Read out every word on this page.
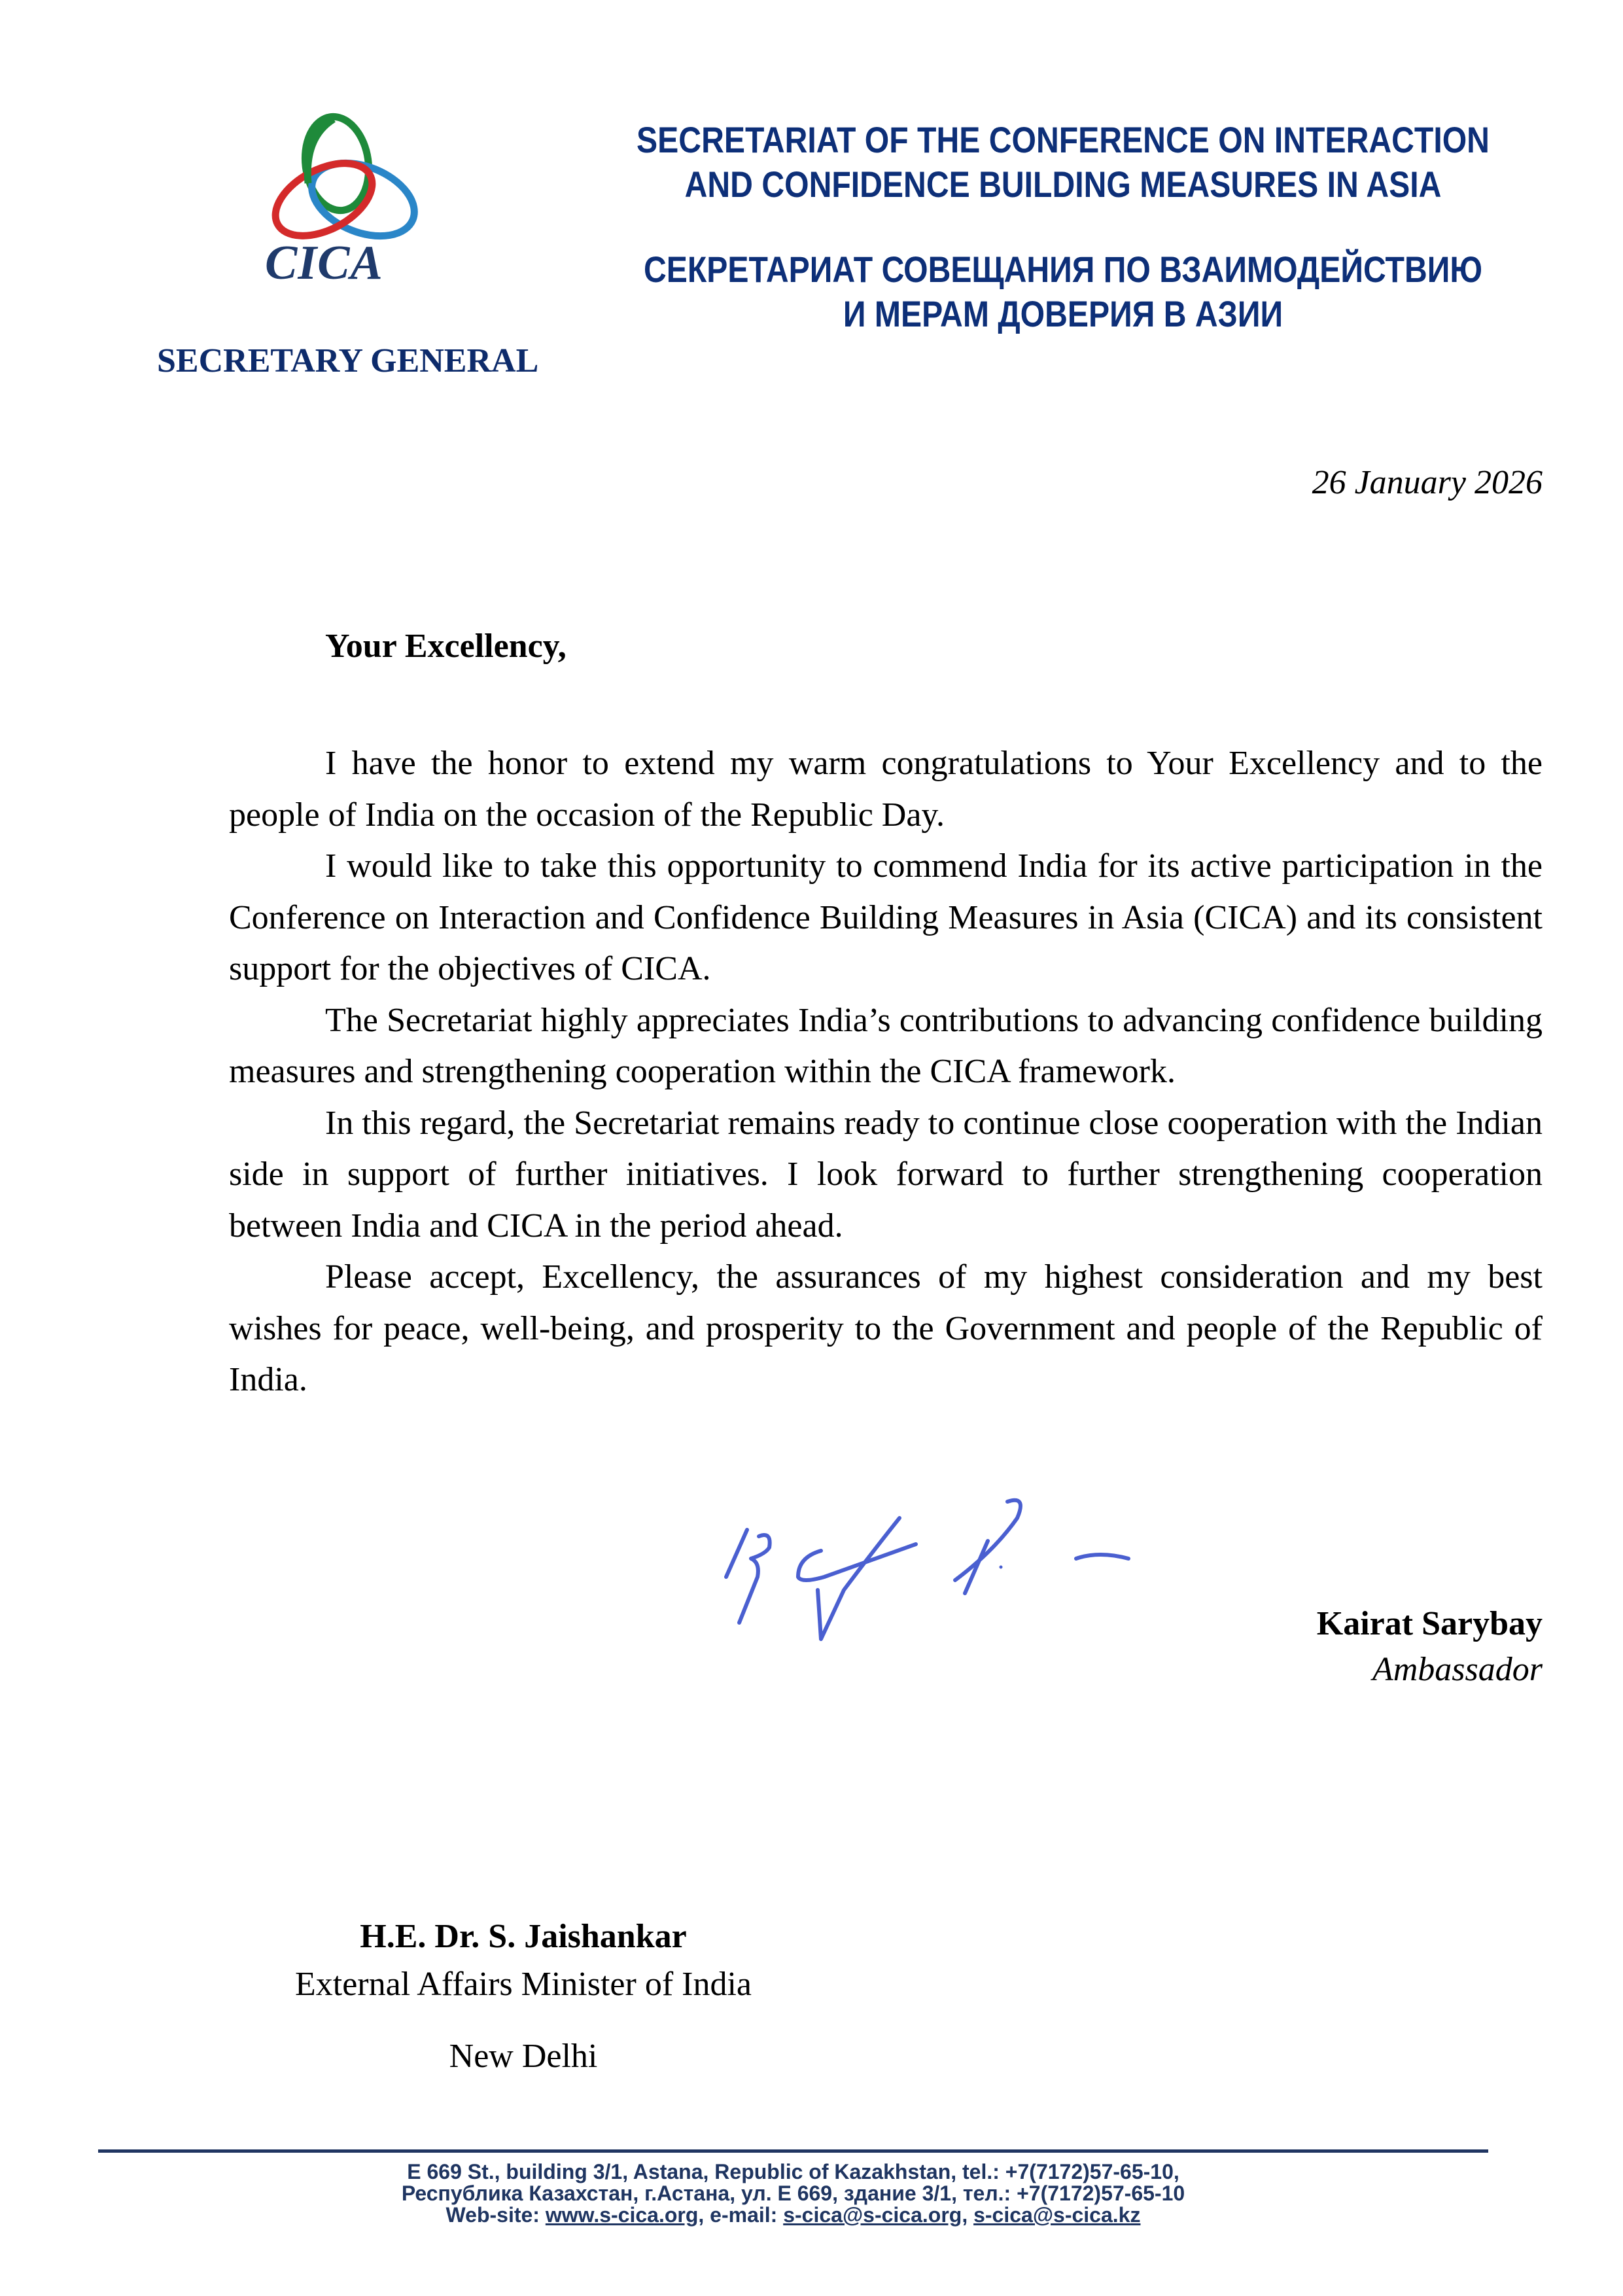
CICA
SECRETARIAT OF THE CONFERENCE ON INTERACTION
AND CONFIDENCE BUILDING MEASURES IN ASIA
СЕКРЕТАРИАТ СОВЕЩАНИЯ ПО ВЗАИМОДЕЙСТВИЮ
И МЕРАМ ДОВЕРИЯ В АЗИИ
SECRETARY GENERAL
26 January 2026
Your Excellency,

I have the honor to extend my warm congratulations to Your Excellency and to the people of India on the occasion of the Republic Day.

I would like to take this opportunity to commend India for its active participation in the Conference on Interaction and Confidence Building Measures in Asia (CICA) and its consistent support for the objectives of CICA.

The Secretariat highly appreciates India’s contributions to advancing confidence building measures and strengthening cooperation within the CICA framework.

In this regard, the Secretariat remains ready to continue close cooperation with the Indian side in support of further initiatives. I look forward to further strengthening cooperation between India and CICA in the period ahead.

Please accept, Excellency, the assurances of my highest consideration and my best wishes for peace, well-being, and prosperity to the Government and people of the Republic of India.

Kairat Sarybay
Ambassador
H.E. Dr. S. Jaishankar
External Affairs Minister of India
New Delhi
E 669 St., building 3/1, Astana, Republic of Kazakhstan, tel.: +7(7172)57-65-10,
Республика Казахстан, г.Астана, ул. Е 669, здание 3/1, тел.: +7(7172)57-65-10
Web-site: www.s-cica.org, e-mail: s-cica@s-cica.org, s-cica@s-cica.kz
